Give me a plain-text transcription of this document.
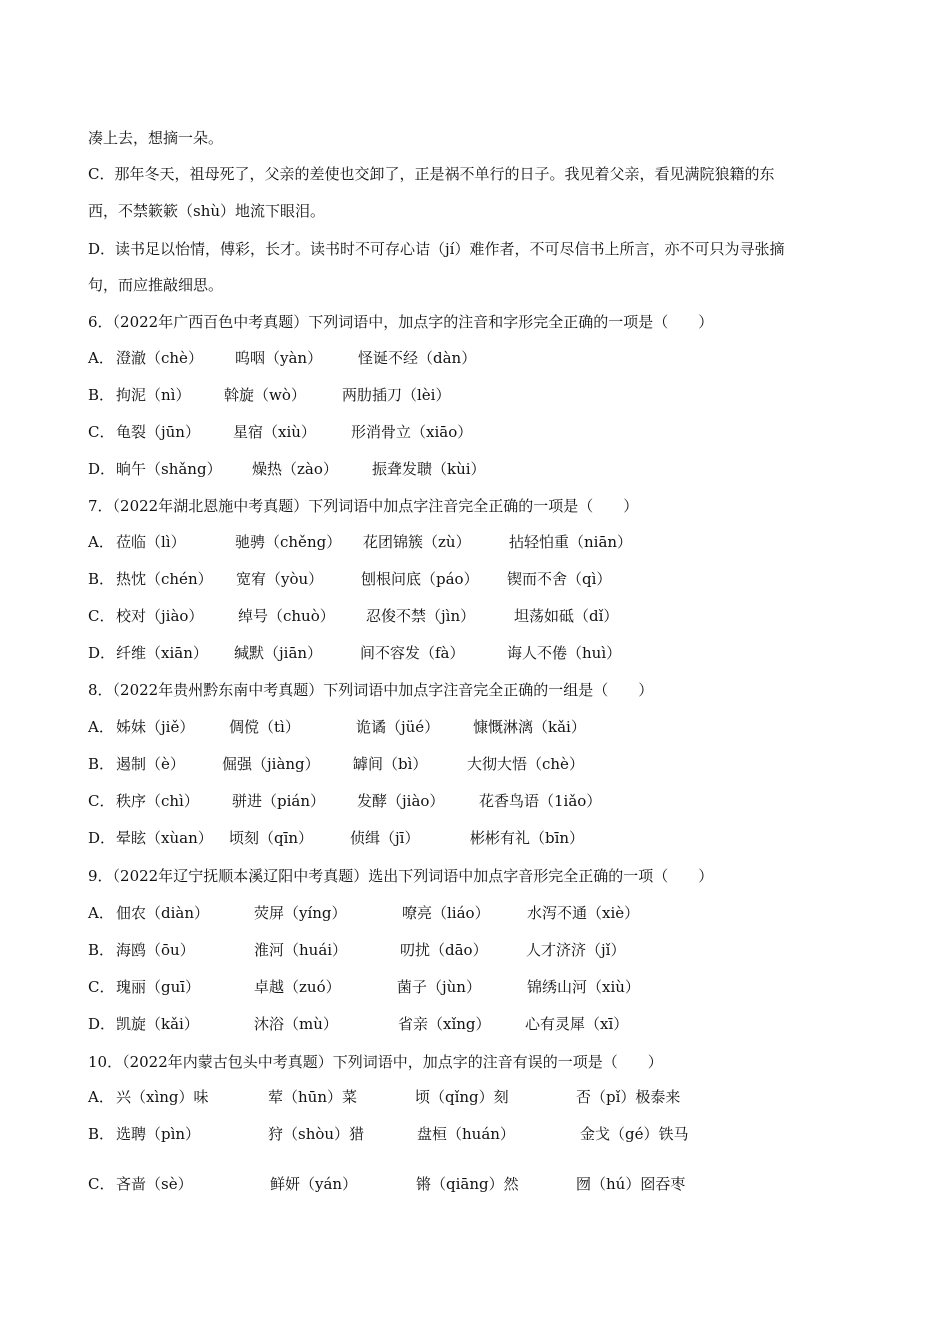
凑上去，想摘一朵。
C．那年冬天，祖母死了，父亲的差使也交卸了，正是祸不单行的日子。我见着父亲，看见满院狼籍的东
西，不禁簌簌（shù）地流下眼泪。
D．读书足以怡情，傅彩，长才。读书时不可存心诘（jí）难作者，不可尽信书上所言，亦不可只为寻张摘
句，而应推敲细思。
6．（2022年广西百色中考真题）下列词语中，加点字的注音和字形完全正确的一项是（　　）
A． 澄澈（chè） 呜咽（yàn） 怪诞不经（dàn）
B． 拘泥（nì） 斡旋（wò） 两肋插刀（lèi）
C． 龟裂（jūn） 星宿（xiù） 形消骨立（xiāo）
D． 晌午（shǎng） 燥热（zào） 振聋发聩（kùi）
7．（2022年湖北恩施中考真题）下列词语中加点字注音完全正确的一项是（　　）
A． 莅临（lì）	驰骋（chěng） 花团锦簇（zù）	拈轻怕重（niān）
B． 热忱（chén） 宽宥（yòu）	刨根问底（páo） 锲而不舍（qì）
C． 校对（jiào） 绰号（chuò） 忍俊不禁（jìn）	坦荡如砥（dǐ）
D． 纤维（xiān） 缄默（jiān）	间不容发（fà）	诲人不倦（huì）
8．（2022年贵州黔东南中考真题）下列词语中加点字注音完全正确的一组是（　　）
A． 姊妹（jiě） 倜傥（tì）	诡谲（jüé） 慷慨淋漓（kǎi）
B． 遏制（è） 倔强（jiàng） 罅间（bì）	大彻大悟（chè）
C． 秩序（chì） 骈进（pián） 发酵（jiào） 花香鸟语（1iǎo）
D． 晕眩（xùan） 顷刻（qīn） 侦缉（jī）	彬彬有礼（bīn）
9．（2022年辽宁抚顺本溪辽阳中考真题）选出下列词语中加点字音形完全正确的一项（　　）
A． 佃农（diàn）	荧屏（yíng）	嘹亮（liáo） 水泻不通（xiè）
B． 海鸥（ōu）	淮河（huái）	叨扰（dāo）	人才济济（jǐ）
C． 瑰丽（guī）	卓越（zuó）	菌子（jùn）	锦绣山河（xiù）
D． 凯旋（kǎi）	沐浴（mù）	省亲（xǐng） 心有灵犀（xī）
10．（2022年内蒙古包头中考真题）下列词语中，加点字的注音有误的一项是（　　）
A． 兴（xìng）味	荤（hūn）菜	顷（qǐng）刻	否（pǐ）极泰来
B． 选聘（pìn）	狩（shòu）猎	盘桓（huán）	金戈（gé）铁马
C． 吝啬（sè）	鲜妍（yán）	锵（qiāng）然	囫（hú）囵吞枣
